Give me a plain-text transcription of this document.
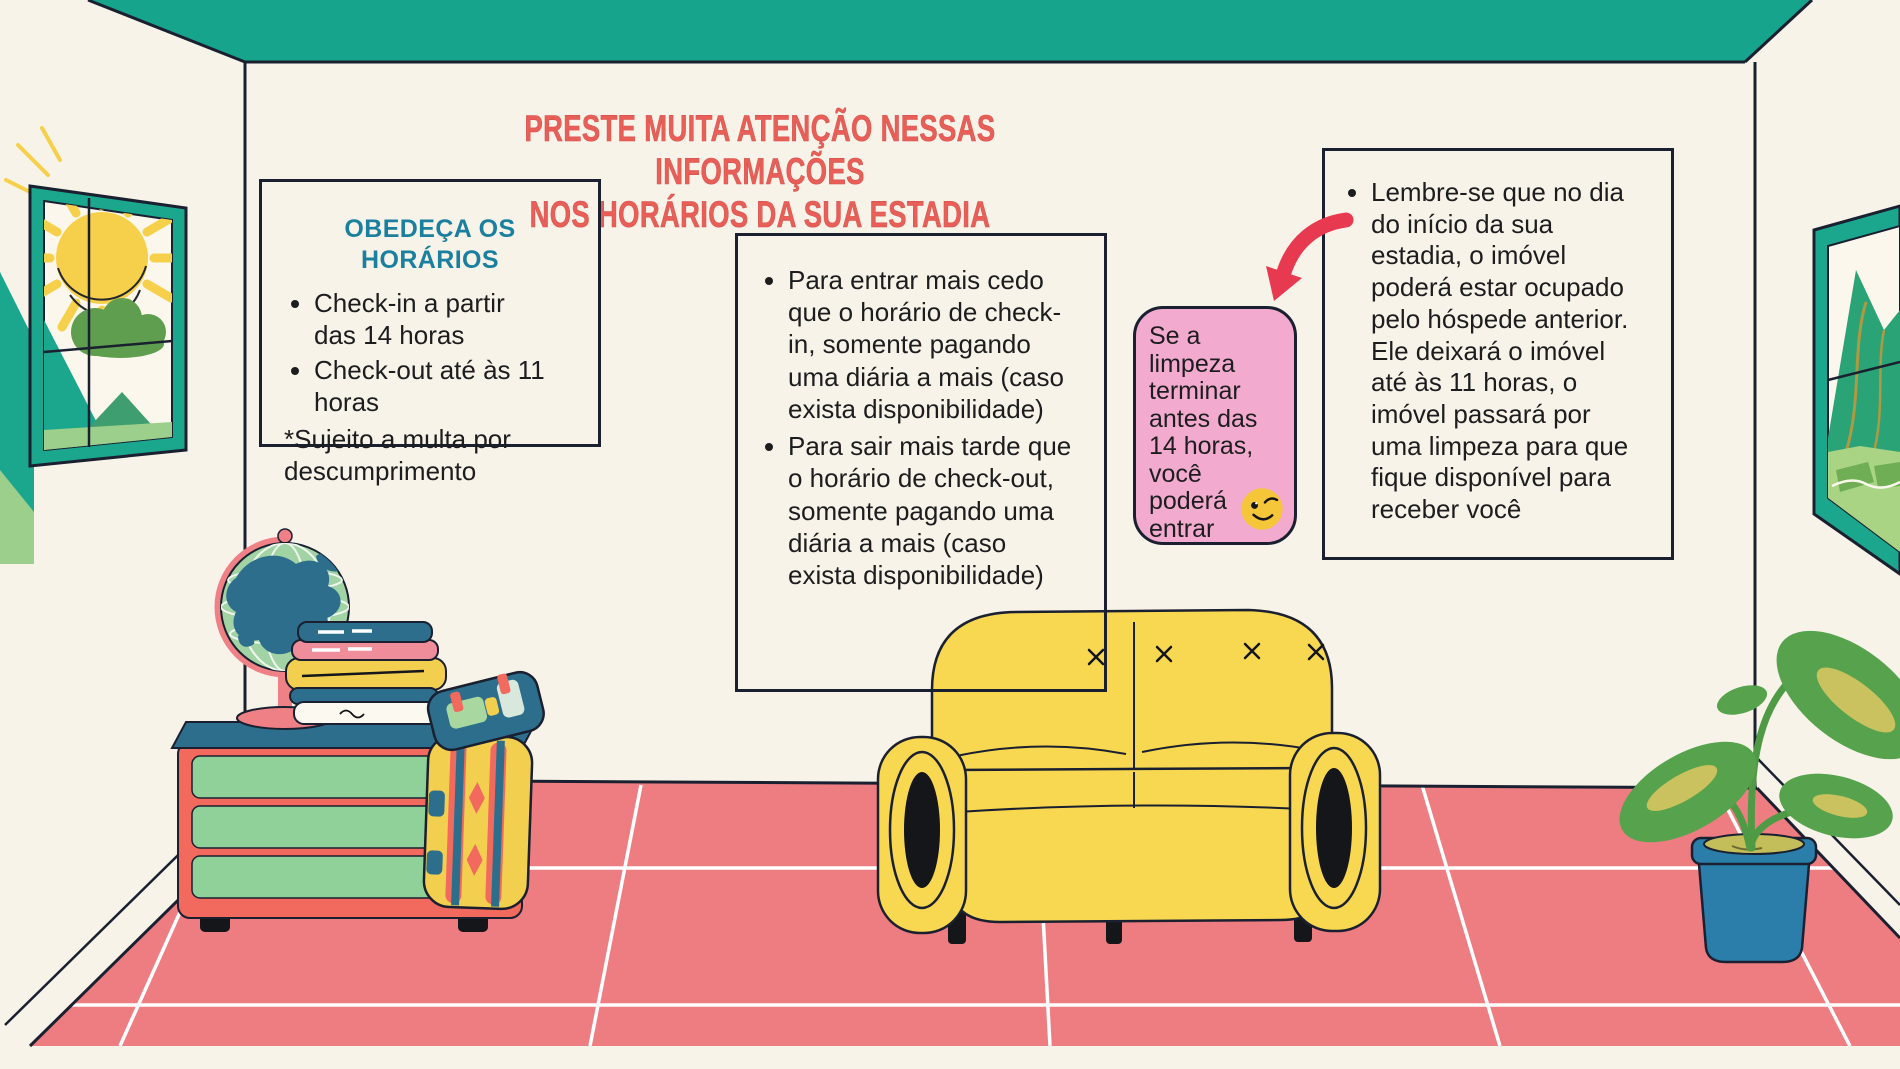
PRESTE MUITA ATENÇÃO NESSAS INFORMAÇÕES
NOS HORÁRIOS DA SUA ESTADIA
OBEDEÇA OS HORÁRIOS
• Check-in a partir das 14 horas
• Check-out até às 11 horas

*Sujeito a multa por descumprimento

• Para entrar mais cedo que o horário de check-in, somente pagando uma diária a mais (caso exista disponibilidade)
• Para sair mais tarde que o horário de check-out, somente pagando uma diária a mais (caso exista disponibilidade)
Se a limpeza terminar antes das 14 horas, você poderá entrar
• Lembre-se que no dia do início da sua estadia, o imóvel poderá estar ocupado pelo hóspede anterior. Ele deixará o imóvel até às 11 horas, o imóvel passará por uma limpeza para que fique disponível para receber você
